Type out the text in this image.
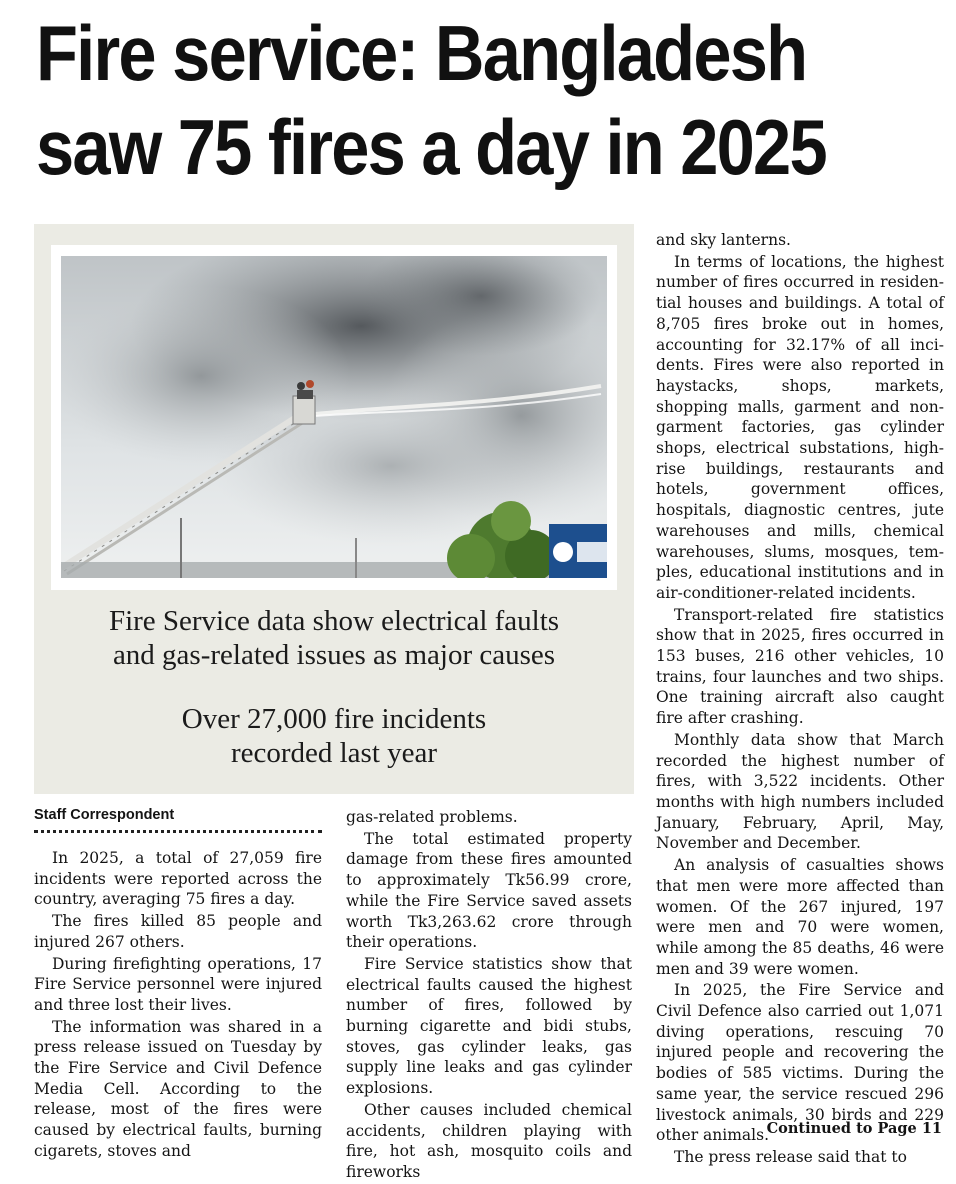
Fire service: Bangladesh
saw 75 fires a day in 2025
Fire Service data show electrical faults
and gas-related issues as major causes
Over 27,000 fire incidents
recorded last year
Staff Correspondent

In 2025, a total of 27,059 fire incidents were reported across the country, averaging 75 fires a day.

The fires killed 85 people and injured 267 others.

During firefighting operations, 17 Fire Service personnel were injured and three lost their lives.

The information was shared in a press release issued on Tuesday by the Fire Service and Civil Defence Media Cell. According to the release, most of the fires were caused by electrical faults, burning cigarets, stoves and

gas-related problems.

The total estimated property damage from these fires amounted to approximately Tk56.99 crore, while the Fire Service saved assets worth Tk3,263.62 crore through their operations.

Fire Service statistics show that electrical faults caused the highest number of fires, followed by burning cigarette and bidi stubs, stoves, gas cylinder leaks, gas supply line leaks and gas cylinder explosions.

Other causes included chemical accidents, children playing with fire, hot ash, mosquito coils and fireworks

and sky lanterns.

In terms of locations, the highest number of fires occurred in residential houses and buildings. A total of 8,705 fires broke out in homes, accounting for 32.17% of all incidents. Fires were also reported in haystacks, shops, markets, shopping malls, garment and non-garment factories, gas cylinder shops, electrical substations, high-rise buildings, restaurants and hotels, government offices, hospitals, diagnostic centres, jute warehouses and mills, chemical warehouses, slums, mosques, temples, educational institutions and in air-conditioner-related incidents.

Transport-related fire statistics show that in 2025, fires occurred in 153 buses, 216 other vehicles, 10 trains, four launches and two ships. One training aircraft also caught fire after crashing.

Monthly data show that March recorded the highest number of fires, with 3,522 incidents. Other months with high numbers included January, February, April, May, November and December.

An analysis of casualties shows that men were more affected than women. Of the 267 injured, 197 were men and 70 were women, while among the 85 deaths, 46 were men and 39 were women.

In 2025, the Fire Service and Civil Defence also carried out 1,071 diving operations, rescuing 70 injured people and recovering the bodies of 585 victims. During the same year, the service rescued 296 livestock animals, 30 birds and 229 other animals.

The press release said that to

Continued to Page 11
